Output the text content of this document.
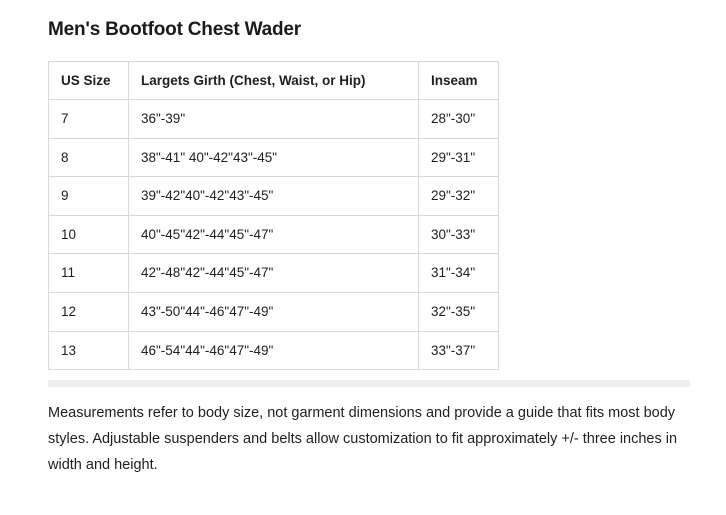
Men's Bootfoot Chest Wader
US Size	Largets Girth (Chest, Waist, or Hip)	Inseam
7	36"-39"	28"-30"
8	38"-41" 40"-42"43"-45"	29"-31"
9	39"-42"40"-42"43"-45"	29"-32"
10	40"-45"42"-44"45"-47"	30"-33"
11	42"-48"42"-44"45"-47"	31"-34"
12	43"-50"44"-46"47"-49"	32"-35"
13	46"-54"44"-46"47"-49"	33"-37"

Measurements refer to body size, not garment dimensions and provide a guide that fits most body styles. Adjustable suspenders and belts allow customization to fit approximately +/- three inches in width and height.
